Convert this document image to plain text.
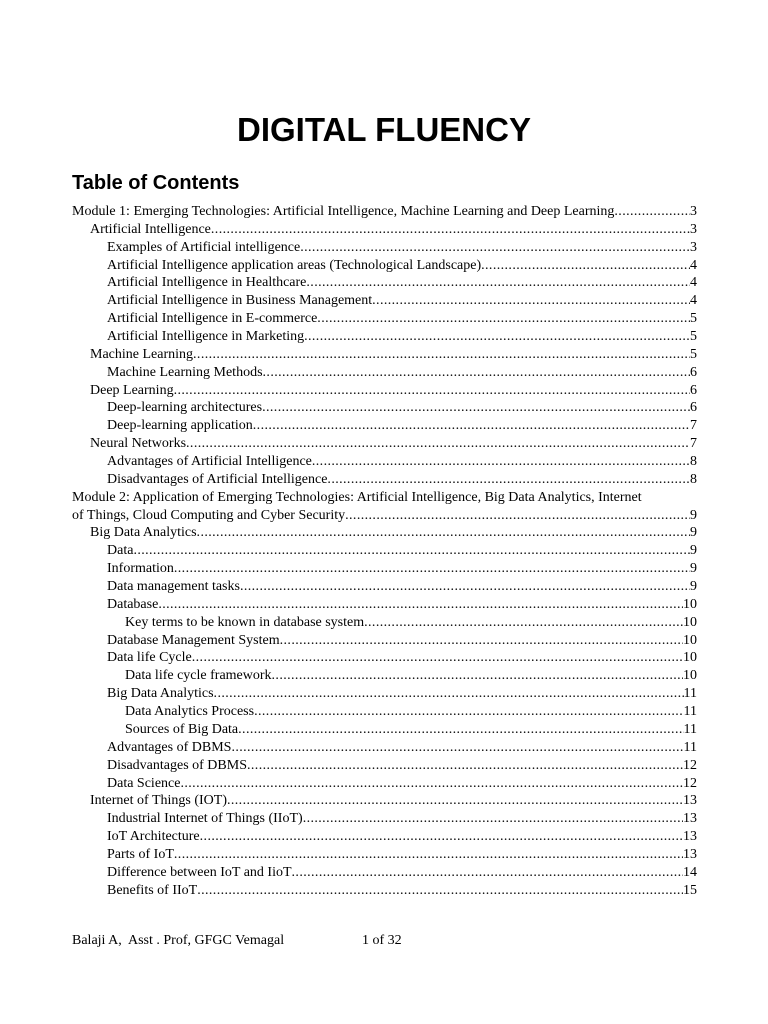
DIGITAL FLUENCY
Table of Contents
Module 1: Emerging Technologies: Artificial Intelligence, Machine Learning and Deep Learning .....	3
Artificial Intelligence .....	3
Examples of Artificial intelligence .....	3
Artificial Intelligence application areas (Technological Landscape) .....	4
Artificial Intelligence in Healthcare .....	4
Artificial Intelligence in Business Management .....	4
Artificial Intelligence in E-commerce .....	5
Artificial Intelligence in Marketing .....	5
Machine Learning .....	5
Machine Learning Methods .....	6
Deep Learning .....	6
Deep-learning architectures .....	6
Deep-learning application .....	7
Neural Networks .....	7
Advantages of Artificial Intelligence .....	8
Disadvantages of Artificial Intelligence .....	8
Module 2: Application of Emerging Technologies: Artificial Intelligence, Big Data Analytics, Internet
of Things, Cloud Computing and Cyber Security .....	9
Big Data Analytics .....	9
Data .....	9
Information .....	9
Data management tasks .....	9
Database .....	10
Key terms to be known in database system .....	10
Database Management System .....	10
Data life Cycle .....	10
Data life cycle framework .....	10
Big Data Analytics .....	11
Data Analytics Process .....	11
Sources of Big Data .....	11
Advantages of DBMS .....	11
Disadvantages of DBMS .....	12
Data Science .....	12
Internet of Things (IOT) .....	13
Industrial Internet of Things (IIoT) .....	13
IoT Architecture .....	13
Parts of IoT .....	13
Difference between IoT and IioT .....	14
Benefits of IIoT .....	15
Balaji A,  Asst . Prof, GFGC Vemagal	1 of 32
